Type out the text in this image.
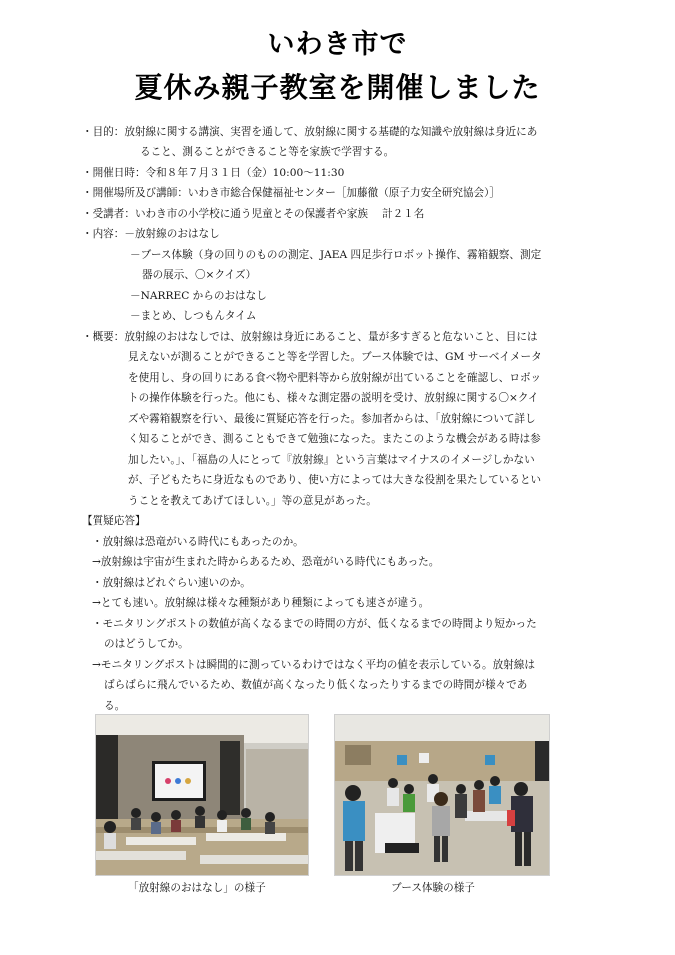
いわき市で
夏休み親子教室を開催しました
・目的：放射線に関する講演、実習を通して、放射線に関する基礎的な知識や放射線は身近にあ
ること、測ることができること等を家族で学習する。
・開催日時：令和８年７月３１日（金）10:00〜11:30
・開催場所及び講師：いわき市総合保健福祉センター［加藤徹（原子力安全研究協会）］
・受講者：いわき市の小学校に通う児童とその保護者や家族　 計２１名
・内容：－放射線のおはなし
－ブース体験（身の回りのものの測定、JAEA 四足歩行ロボット操作、霧箱観察、測定
器の展示、〇×クイズ）
－NARREC からのおはなし
－まとめ、しつもんタイム
・概要：放射線のおはなしでは、放射線は身近にあること、量が多すぎると危ないこと、目には
見えないが測ることができること等を学習した。ブース体験では、GM サーベイメータ
を使用し、身の回りにある食べ物や肥料等から放射線が出ていることを確認し、ロボッ
トの操作体験を行った。他にも、様々な測定器の説明を受け、放射線に関する〇×クイ
ズや霧箱観察を行い、最後に質疑応答を行った。参加者からは、「放射線について詳し
く知ることができ、測ることもできて勉強になった。またこのような機会がある時は参
加したい。」、「福島の人にとって『放射線』という言葉はマイナスのイメージしかない
が、子どもたちに身近なものであり、使い方によっては大きな役割を果たしているとい
うことを教えてあげてほしい。」等の意見があった。
【質疑応答】
・放射線は恐竜がいる時代にもあったのか。
→放射線は宇宙が生まれた時からあるため、恐竜がいる時代にもあった。
・放射線はどれぐらい速いのか。
→とても速い。放射線は様々な種類があり種類によっても速さが違う。
・モニタリングポストの数値が高くなるまでの時間の方が、低くなるまでの時間より短かった
のはどうしてか。
→モニタリングポストは瞬間的に測っているわけではなく平均の値を表示している。放射線は
ばらばらに飛んでいるため、数値が高くなったり低くなったりするまでの時間が様々であ
る。
「放射線のおはなし」の様子	ブース体験の様子
